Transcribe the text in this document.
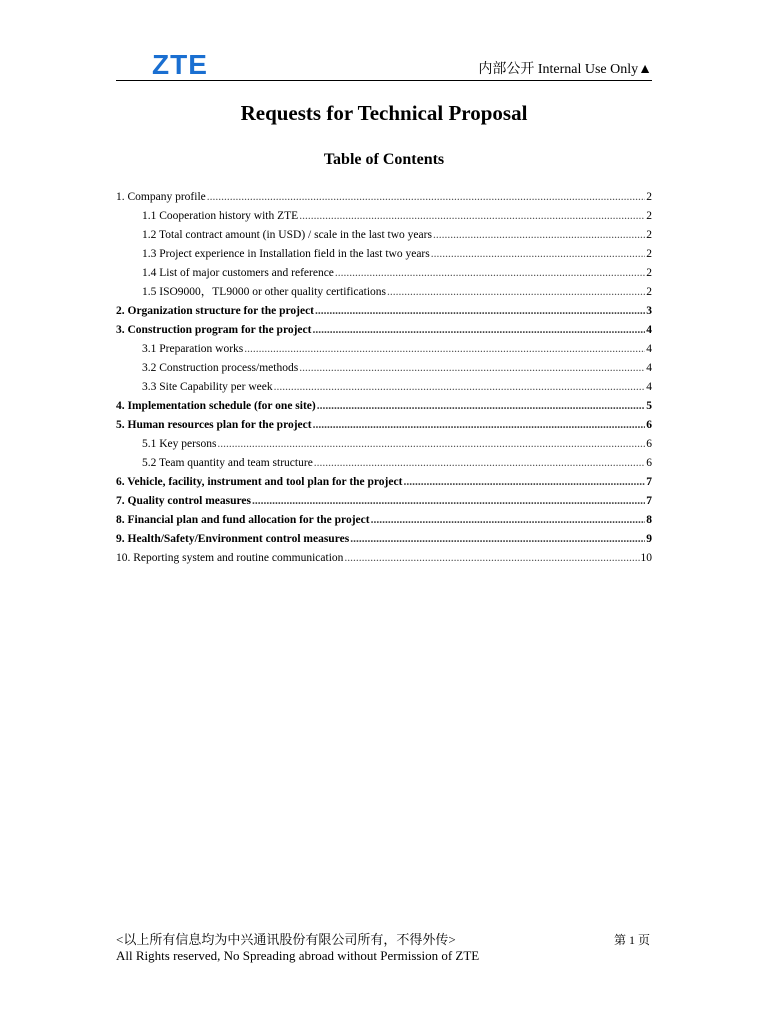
ZTE	内部公开 Internal Use Only▲
Requests for Technical Proposal
Table of Contents
1. Company profile .....	2
1.1 Cooperation history with ZTE .....	2
1.2 Total contract amount (in USD) / scale in the last two years .....	2
1.3 Project experience in Installation field in the last two years .....	2
1.4 List of major customers and reference .....	2
1.5 ISO9000，TL9000 or other quality certifications .....	2
2. Organization structure for the project .....	3
3. Construction program for the project .....	4
3.1 Preparation works .....	4
3.2 Construction process/methods .....	4
3.3 Site Capability per week .....	4
4. Implementation schedule (for one site) .....	5
5. Human resources plan for the project .....	6
5.1 Key persons .....	6
5.2 Team quantity and team structure .....	6
6. Vehicle, facility, instrument and tool plan for the project .....	7
7. Quality control measures .....	7
8. Financial plan and fund allocation for the project .....	8
9. Health/Safety/Environment control measures .....	9
10. Reporting system and routine communication .....	10
<以上所有信息均为中兴通讯股份有限公司所有，不得外传>
All Rights reserved, No Spreading abroad without Permission of ZTE
第 1 页
